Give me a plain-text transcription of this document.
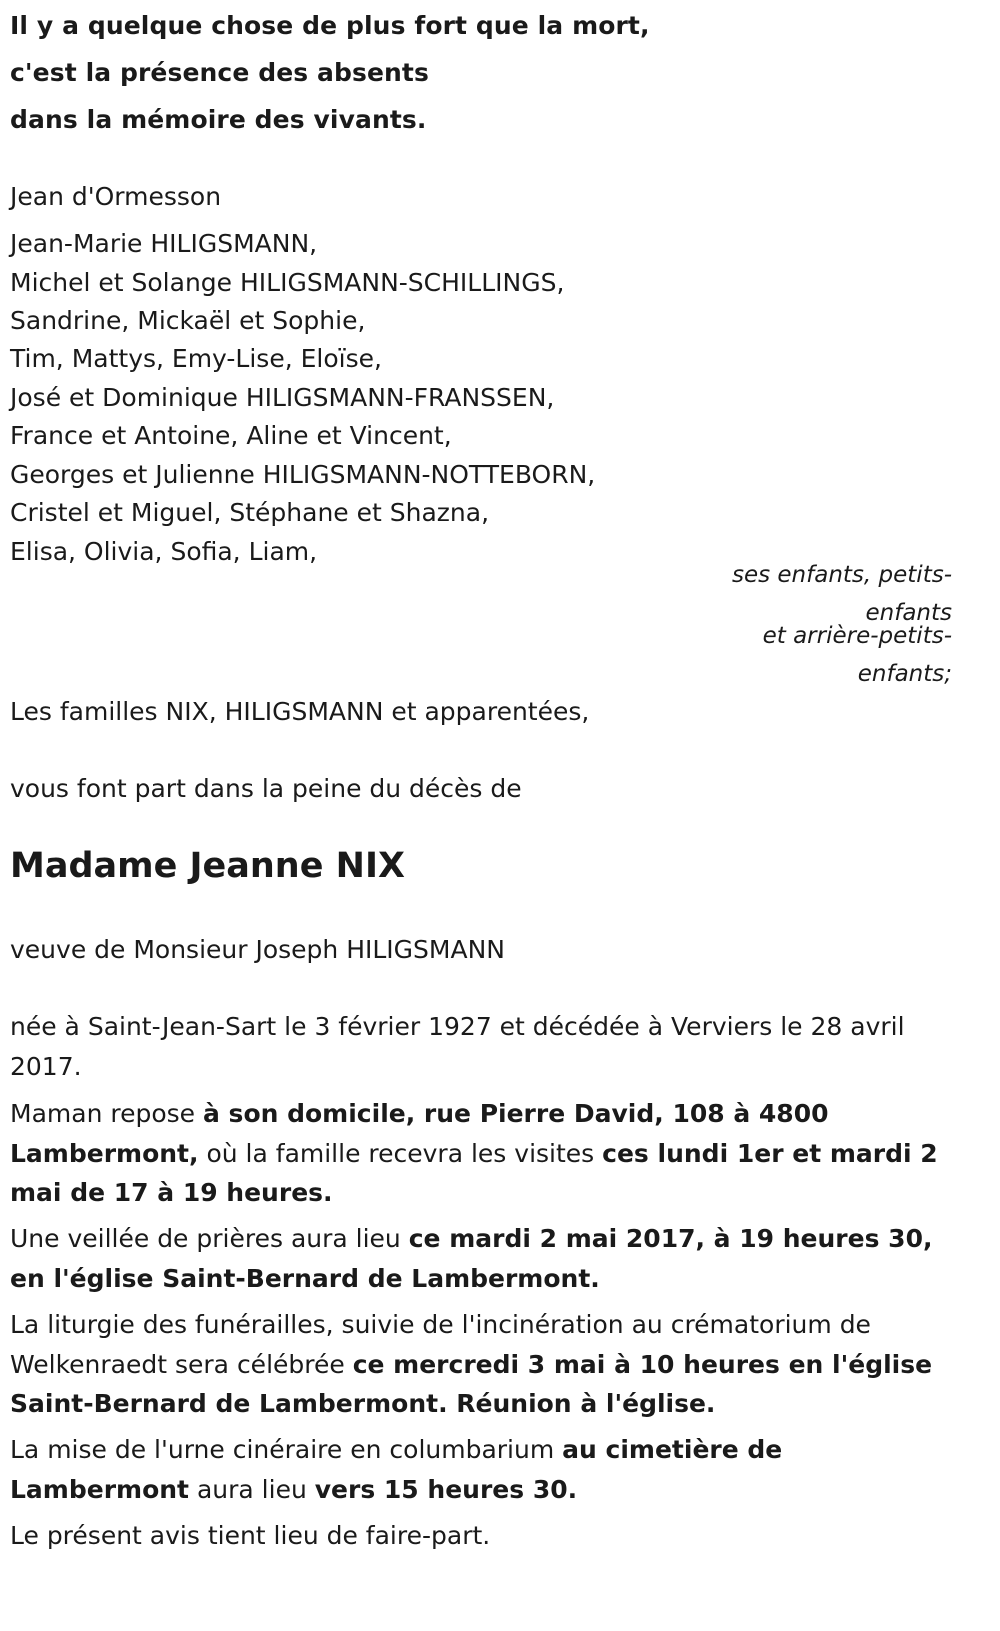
Il y a quelque chose de plus fort que la mort,
c'est la présence des absents
dans la mémoire des vivants.
Jean d'Ormesson
Jean-Marie HILIGSMANN,
Michel et Solange HILIGSMANN-SCHILLINGS,
Sandrine, Mickaël et Sophie,
Tim, Mattys, Emy-Lise, Eloïse,
José et Dominique HILIGSMANN-FRANSSEN,
France et Antoine, Aline et Vincent,
Georges et Julienne HILIGSMANN-NOTTEBORN,
Cristel et Miguel, Stéphane et Shazna,
Elisa, Olivia, Sofia, Liam,
ses enfants, petits-
enfants
et arrière-petits-
enfants;
Les familles NIX, HILIGSMANN et apparentées,
vous font part dans la peine du décès de
Madame Jeanne NIX
veuve de Monsieur Joseph HILIGSMANN
née à Saint-Jean-Sart le 3 février 1927 et décédée à Verviers le 28 avril 2017.
Maman repose à son domicile, rue Pierre David, 108 à 4800 Lambermont, où la famille recevra les visites ces lundi 1er et mardi 2 mai de 17 à 19 heures.
Une veillée de prières aura lieu ce mardi 2 mai 2017, à 19 heures 30, en l'église Saint-Bernard de Lambermont.
La liturgie des funérailles, suivie de l'incinération au crématorium de Welkenraedt sera célébrée ce mercredi 3 mai à 10 heures en l'église Saint-Bernard de Lambermont. Réunion à l'église.
La mise de l'urne cinéraire en columbarium au cimetière de Lambermont aura lieu vers 15 heures 30.
Le présent avis tient lieu de faire-part.
